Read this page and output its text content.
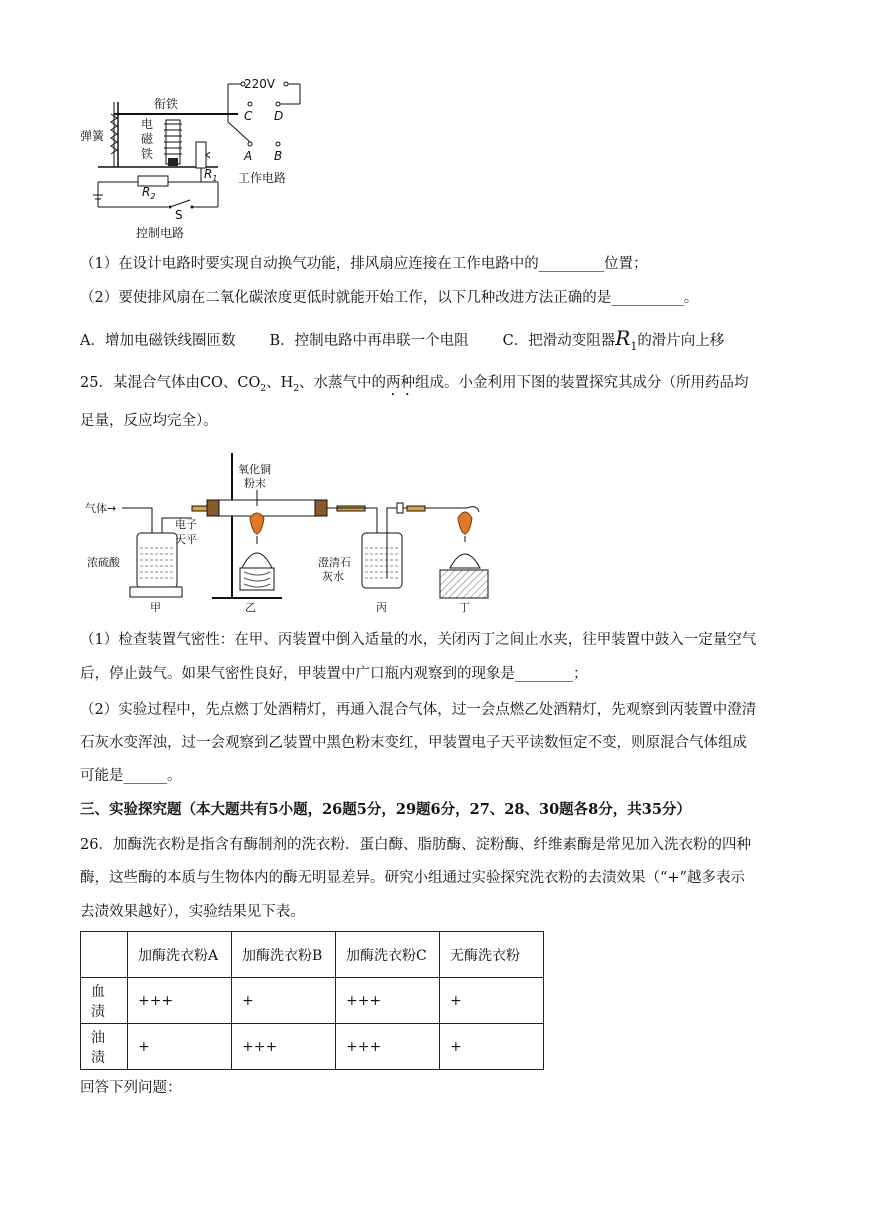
220V
衔铁
弹簧
电
磁
铁
$R_1$
$R_2$
C D
A B
工作电路
S
控制电路
（1）在设计电路时要实现自动换气功能，排风扇应连接在工作电路中的_________位置；
（2）要使排风扇在二氧化碳浓度更低时就能开始工作，以下几种改进方法正确的是__________。
A．增加电磁铁线圈匝数 B．控制电路中再串联一个电阻 C．把滑动变阻器$R_1$的滑片向上移
25．某混合气体由CO、$CO_2$、$H_2$、水蒸气中的两种组成。小金利用下图的装置探究其成分（所用药品均
足量，反应均完全）。
气体→
浓硫酸
电子
天平
氧化铜
粉末
澄清石
灰水
甲	乙	丙	丁
（1）检查装置气密性：在甲、丙装置中倒入适量的水，关闭丙丁之间止水夹，往甲装置中鼓入一定量空气
后，停止鼓气。如果气密性良好，甲装置中广口瓶内观察到的现象是________；
（2）实验过程中，先点燃丁处酒精灯，再通入混合气体，过一会点燃乙处酒精灯，先观察到丙装置中澄清
石灰水变浑浊，过一会观察到乙装置中黑色粉末变红，甲装置电子天平读数恒定不变，则原混合气体组成
可能是______。
三、实验探究题（本大题共有5小题，26题5分，29题6分，27、28、30题各8分，共35分）
26．加酶洗衣粉是指含有酶制剂的洗衣粉．蛋白酶、脂肪酶、淀粉酶、纤维素酶是常见加入洗衣粉的四种
酶，这些酶的本质与生物体内的酶无明显差异。研究小组通过实验探究洗衣粉的去渍效果（“+”越多表示
去渍效果越好），实验结果见下表。
	加酶洗衣粉A	加酶洗衣粉B	加酶洗衣粉C	无酶洗衣粉
血渍	+++	+	+++	+
油渍	+	+++	+++	+
回答下列问题：
